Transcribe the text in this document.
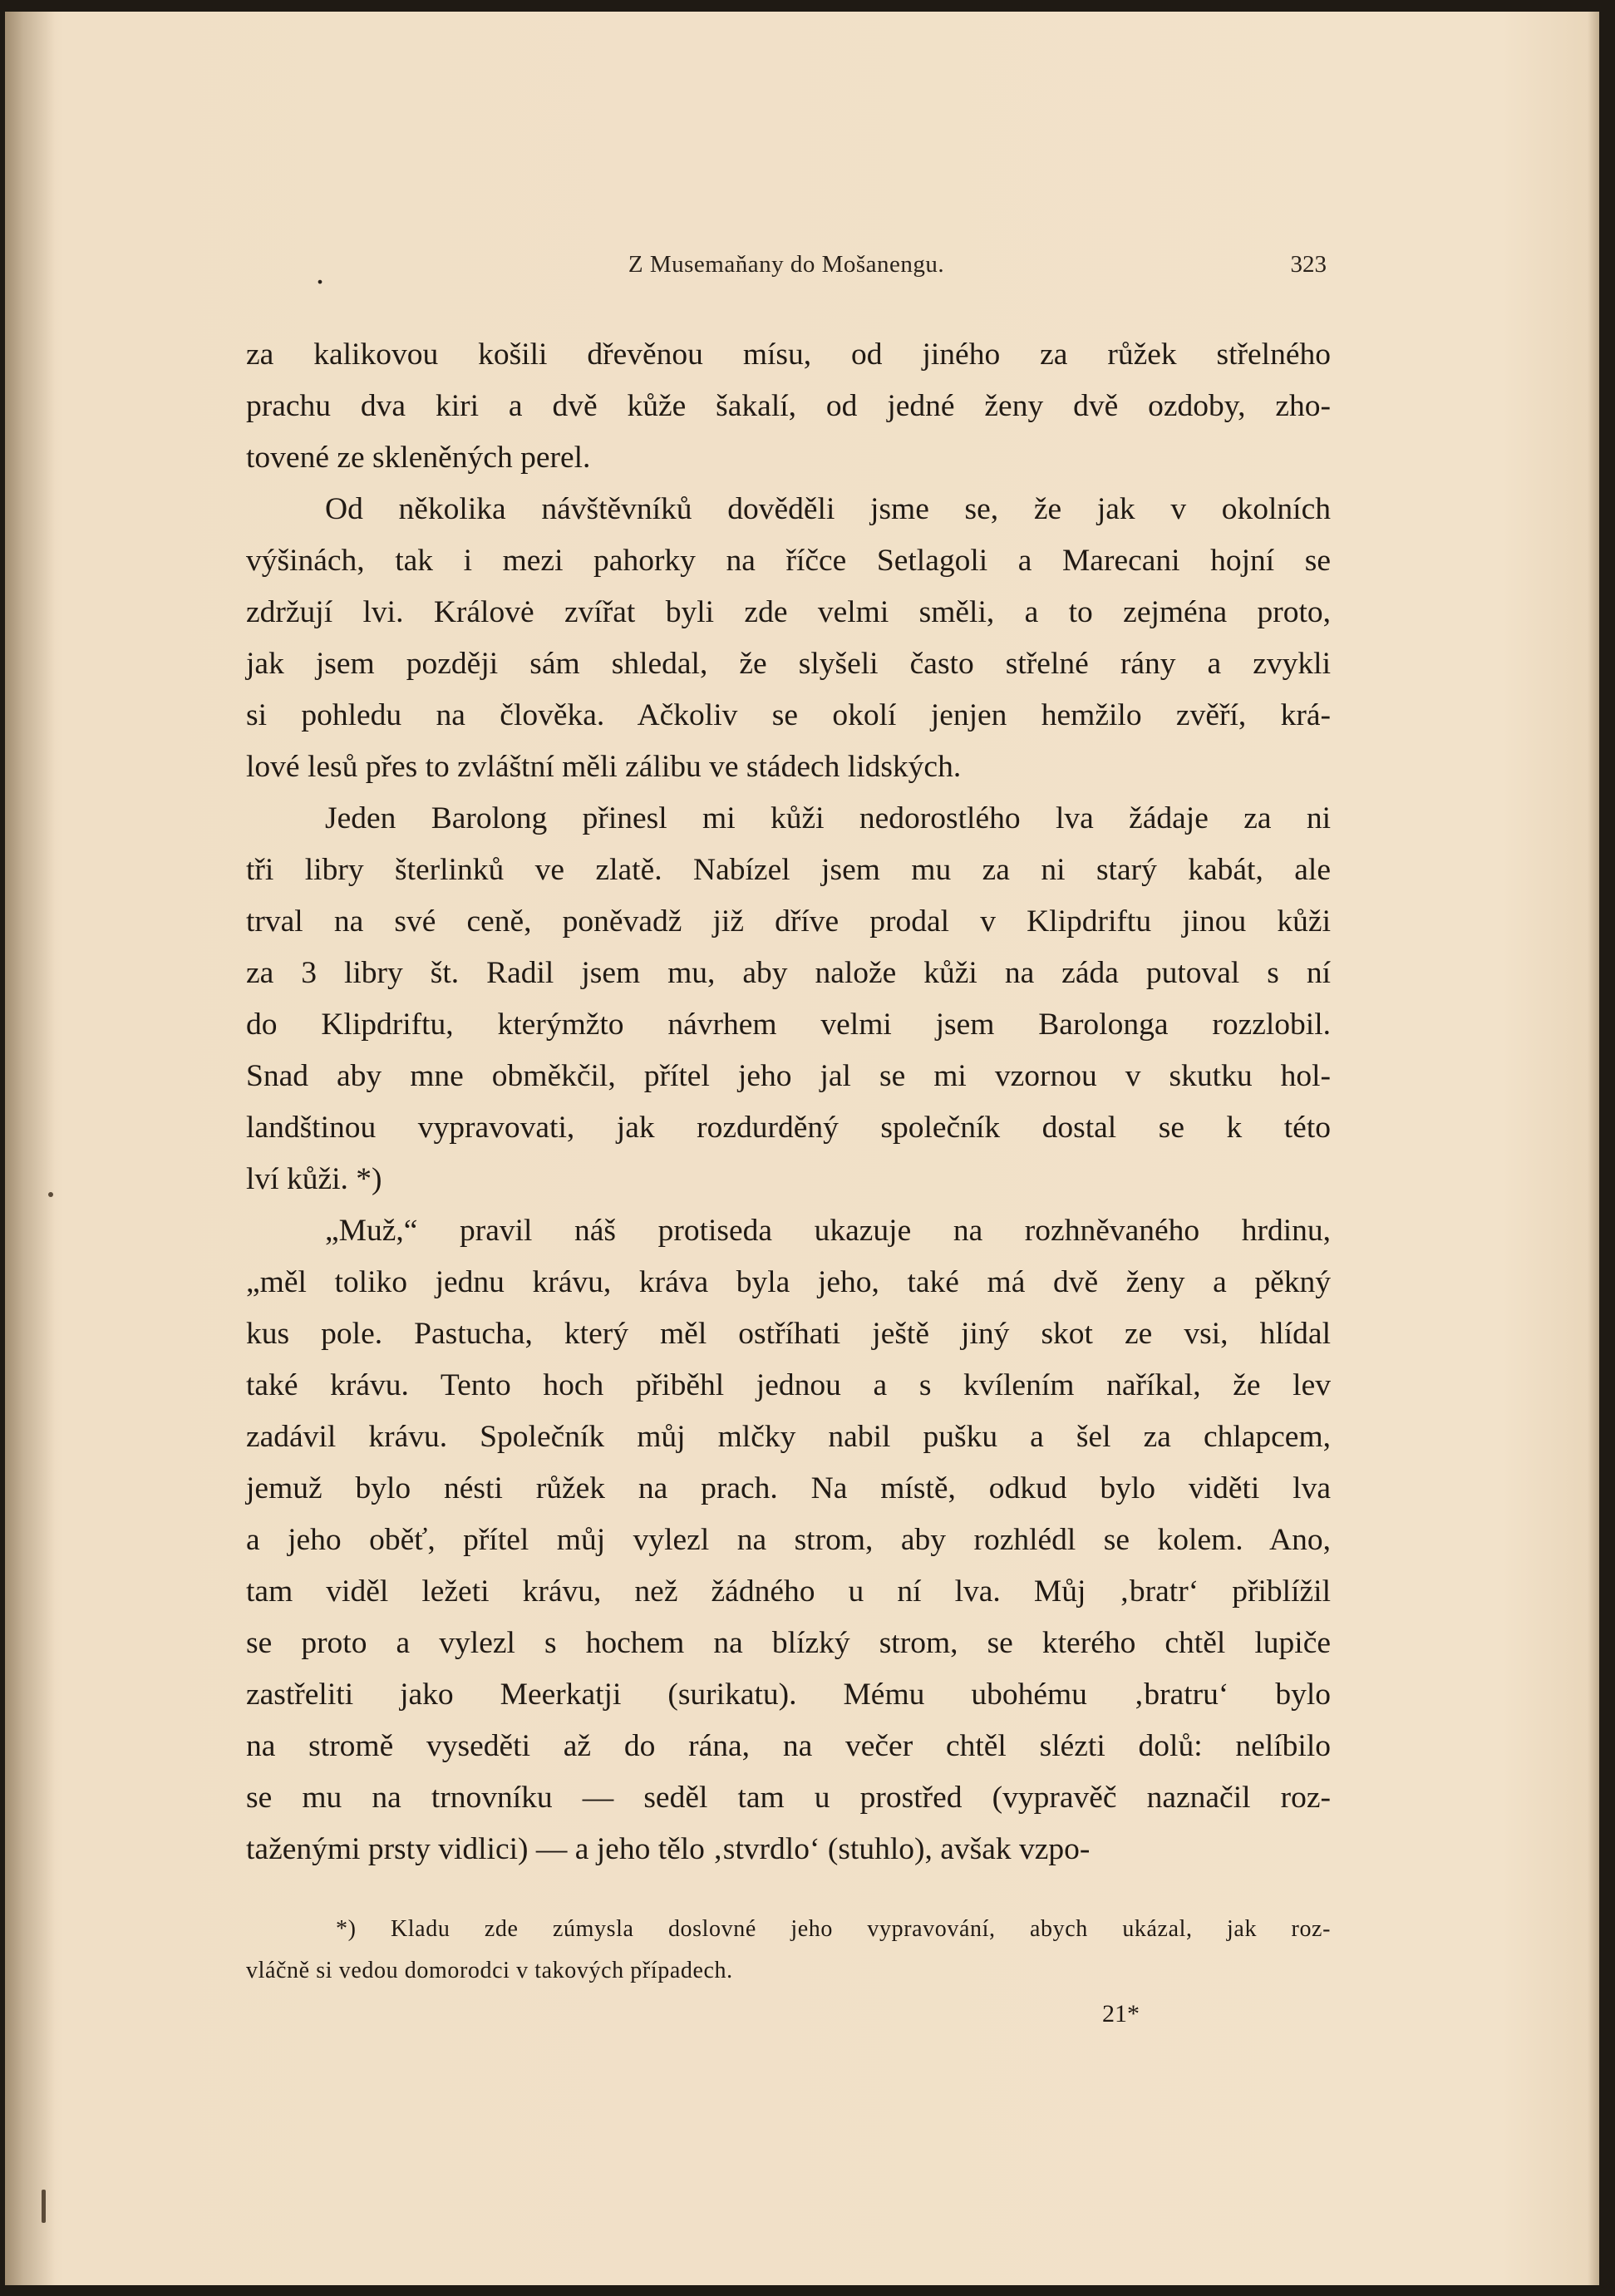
.	Z Musemaňany do Mošanengu.	323

za kalikovou košili dřevěnou mísu, od jiného za růžek střelného
prachu dva kiri a dvě kůže šakalí, od jedné ženy dvě ozdoby, zho-
tovené ze skleněných perel.

Od několika návštěvníků dověděli jsme se, že jak v okolních
výšinách, tak i mezi pahorky na říčce Setlagoli a Marecani hojní se
zdržují lvi. Královė zvířat byli zde velmi směli, a to zejména proto,
jak jsem později sám shledal, že slyšeli často střelné rány a zvykli
si pohledu na člověka. Ačkoliv se okolí jenjen hemžilo zvěří, krá-
lové lesů přes to zvláštní měli zálibu ve stádech lidských.

Jeden Barolong přinesl mi kůži nedorostlého lva žádaje za ni
tři libry šterlinků ve zlatě. Nabízel jsem mu za ni starý kabát, ale
trval na své ceně, poněvadž již dříve prodal v Klipdriftu jinou kůži
za 3 libry št. Radil jsem mu, aby nalože kůži na záda putoval s ní
do Klipdriftu, kterýmžto návrhem velmi jsem Barolonga rozzlobil.
Snad aby mne obměkčil, přítel jeho jal se mi vzornou v skutku hol-
landštinou vypravovati, jak rozdurděný společník dostal se k této
lví kůži. *)

„Muž,“ pravil náš protiseda ukazuje na rozhněvaného hrdinu,
„měl toliko jednu krávu, kráva byla jeho, také má dvě ženy a pěkný
kus pole. Pastucha, který měl ostříhati ještě jiný skot ze vsi, hlídal
také krávu. Tento hoch přiběhl jednou a s kvílením naříkal, že lev
zadávil krávu. Společník můj mlčky nabil pušku a šel za chlapcem,
jemuž bylo nésti růžek na prach. Na místě, odkud bylo viděti lva
a jeho oběť, přítel můj vylezl na strom, aby rozhlédl se kolem. Ano,
tam viděl ležeti krávu, než žádného u ní lva. Můj ‚bratr‘ přiblížil
se proto a vylezl s hochem na blízký strom, se kterého chtěl lupiče
zastřeliti jako Meerkatji (surikatu). Mému ubohému ‚bratru‘ bylo
na stromě vyseděti až do rána, na večer chtěl slézti dolů: nelíbilo
se mu na trnovníku — seděl tam u prostřed (vypravěč naznačil roz-
taženými prsty vidlici) — a jeho tělo ‚stvrdlo‘ (stuhlo), avšak vzpo-

*) Kladu zde zúmysla doslovné jeho vypravování, abych ukázal, jak roz-
vláčně si vedou domorodci v takových případech.
21*
